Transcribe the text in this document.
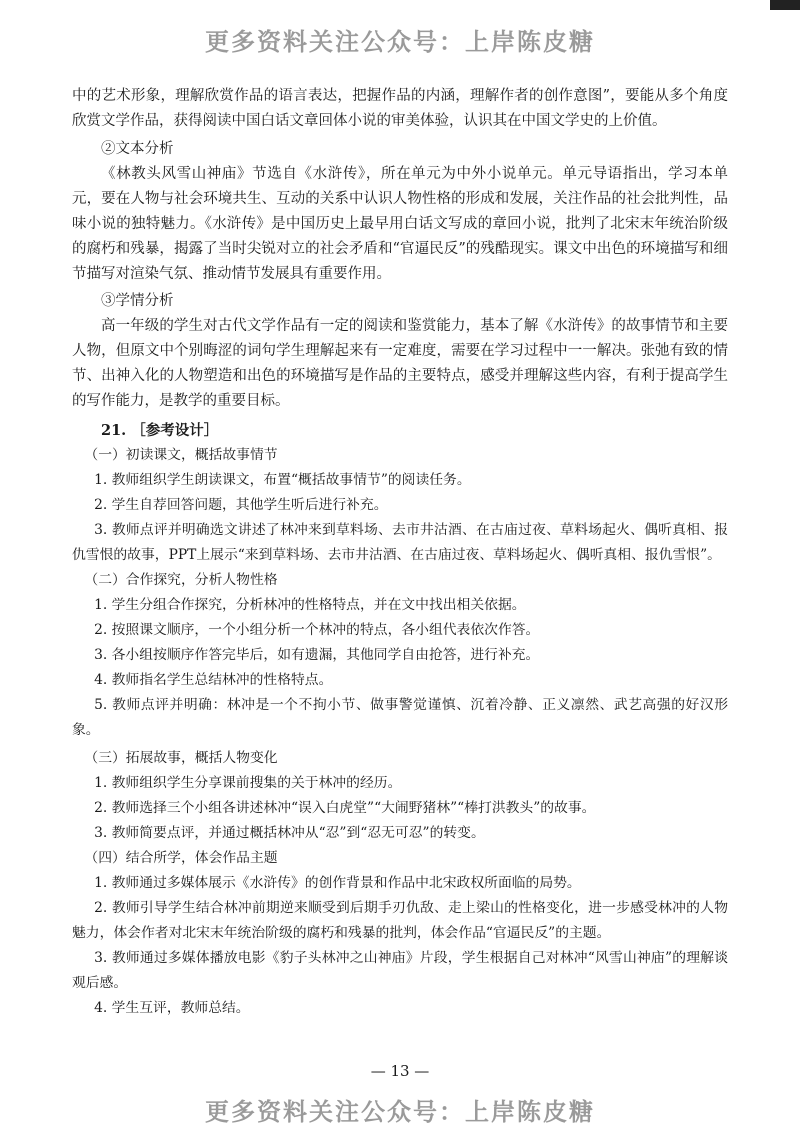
更多资料关注公众号：上岸陈皮糖

中的艺术形象，理解欣赏作品的语言表达，把握作品的内涵，理解作者的创作意图”，要能从多个角度欣赏文学作品，获得阅读中国白话文章回体小说的审美体验，认识其在中国文学史的上价值。

②文本分析

《林教头风雪山神庙》节选自《水浒传》，所在单元为中外小说单元。单元导语指出，学习本单元，要在人物与社会环境共生、互动的关系中认识人物性格的形成和发展，关注作品的社会批判性，品味小说的独特魅力。《水浒传》是中国历史上最早用白话文写成的章回小说，批判了北宋末年统治阶级的腐朽和残暴，揭露了当时尖锐对立的社会矛盾和“官逼民反”的残酷现实。课文中出色的环境描写和细节描写对渲染气氛、推动情节发展具有重要作用。

③学情分析

高一年级的学生对古代文学作品有一定的阅读和鉴赏能力，基本了解《水浒传》的故事情节和主要人物，但原文中个别晦涩的词句学生理解起来有一定难度，需要在学习过程中一一解决。张弛有致的情节、出神入化的人物塑造和出色的环境描写是作品的主要特点，感受并理解这些内容，有利于提高学生的写作能力，是教学的重要目标。

21. ［参考设计］

（一）初读课文，概括故事情节

1. 教师组织学生朗读课文，布置“概括故事情节”的阅读任务。

2. 学生自荐回答问题，其他学生听后进行补充。

3. 教师点评并明确选文讲述了林冲来到草料场、去市井沽酒、在古庙过夜、草料场起火、偶听真相、报仇雪恨的故事，PPT上展示“来到草料场、去市井沽酒、在古庙过夜、草料场起火、偶听真相、报仇雪恨”。

（二）合作探究，分析人物性格

1. 学生分组合作探究，分析林冲的性格特点，并在文中找出相关依据。

2. 按照课文顺序，一个小组分析一个林冲的特点，各小组代表依次作答。

3. 各小组按顺序作答完毕后，如有遗漏，其他同学自由抢答，进行补充。

4. 教师指名学生总结林冲的性格特点。

5. 教师点评并明确：林冲是一个不拘小节、做事警觉谨慎、沉着冷静、正义凛然、武艺高强的好汉形象。

（三）拓展故事，概括人物变化

1. 教师组织学生分享课前搜集的关于林冲的经历。

2. 教师选择三个小组各讲述林冲“误入白虎堂”“大闹野猪林”“棒打洪教头”的故事。

3. 教师简要点评，并通过概括林冲从“忍”到“忍无可忍”的转变。

（四）结合所学，体会作品主题

1. 教师通过多媒体展示《水浒传》的创作背景和作品中北宋政权所面临的局势。

2. 教师引导学生结合林冲前期逆来顺受到后期手刃仇敌、走上梁山的性格变化，进一步感受林冲的人物魅力，体会作者对北宋末年统治阶级的腐朽和残暴的批判，体会作品“官逼民反”的主题。

3. 教师通过多媒体播放电影《豹子头林冲之山神庙》片段，学生根据自己对林冲“风雪山神庙”的理解谈观后感。

4. 学生互评，教师总结。

— 13 —
更多资料关注公众号：上岸陈皮糖
